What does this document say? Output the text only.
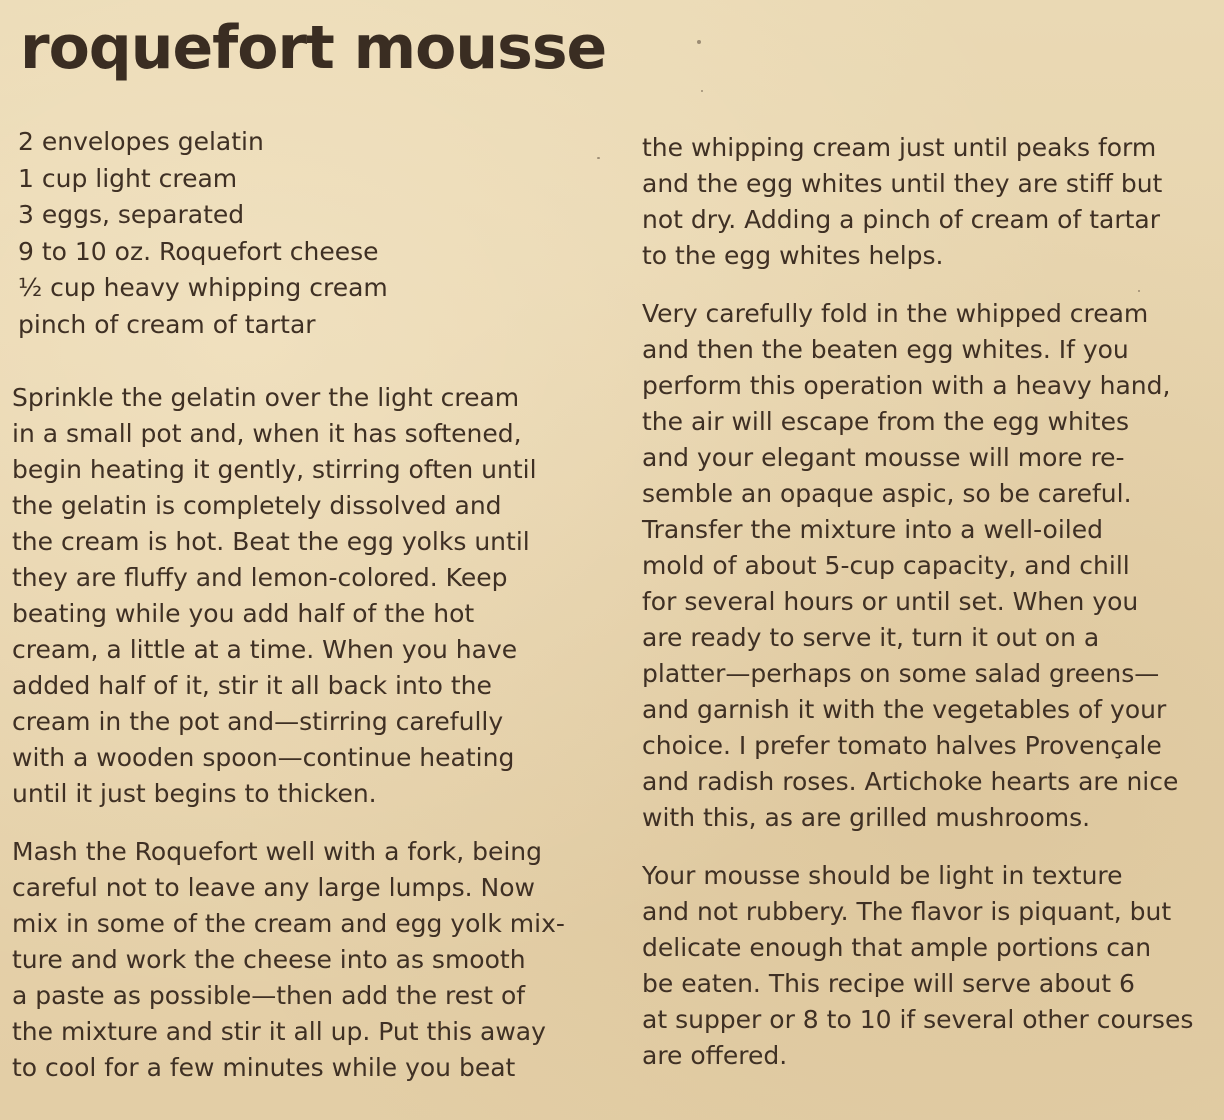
roquefort mousse
2 envelopes gelatin
1 cup light cream
3 eggs, separated
9 to 10 oz. Roquefort cheese
½ cup heavy whipping cream
pinch of cream of tartar

Sprinkle the gelatin over the light cream
in a small pot and, when it has softened,
begin heating it gently, stirring often until
the gelatin is completely dissolved and
the cream is hot. Beat the egg yolks until
they are fluffy and lemon-colored. Keep
beating while you add half of the hot
cream, a little at a time. When you have
added half of it, stir it all back into the
cream in the pot and—stirring carefully
with a wooden spoon—continue heating
until it just begins to thicken.

Mash the Roquefort well with a fork, being
careful not to leave any large lumps. Now
mix in some of the cream and egg yolk mix-
ture and work the cheese into as smooth
a paste as possible—then add the rest of
the mixture and stir it all up. Put this away
to cool for a few minutes while you beat

the whipping cream just until peaks form
and the egg whites until they are stiff but
not dry. Adding a pinch of cream of tartar
to the egg whites helps.

Very carefully fold in the whipped cream
and then the beaten egg whites. If you
perform this operation with a heavy hand,
the air will escape from the egg whites
and your elegant mousse will more re-
semble an opaque aspic, so be careful.
Transfer the mixture into a well-oiled
mold of about 5-cup capacity, and chill
for several hours or until set. When you
are ready to serve it, turn it out on a
platter—perhaps on some salad greens—
and garnish it with the vegetables of your
choice. I prefer tomato halves Provençale
and radish roses. Artichoke hearts are nice
with this, as are grilled mushrooms.

Your mousse should be light in texture
and not rubbery. The flavor is piquant, but
delicate enough that ample portions can
be eaten. This recipe will serve about 6
at supper or 8 to 10 if several other courses
are offered.
